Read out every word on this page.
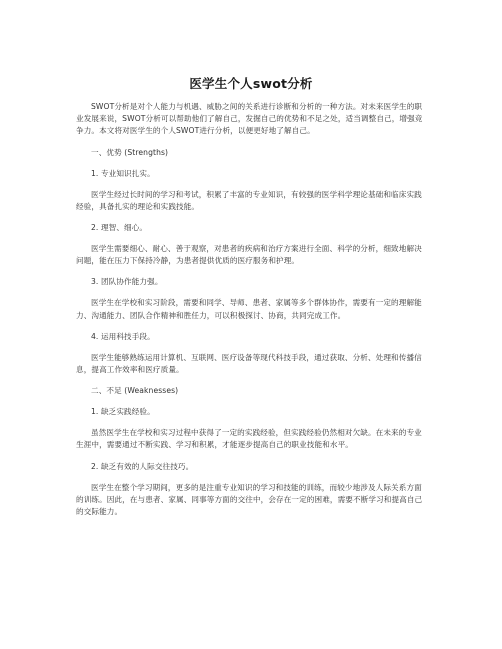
医学生个人swot分析
SWOT分析是对个人能力与机遇、威胁之间的关系进行诊断和分析的一种方法。对未来医学生的职业发展来说，SWOT分析可以帮助他们了解自己，发掘自己的优势和不足之处，适当调整自己，增强竞争力。本文将对医学生的个人SWOT进行分析，以便更好地了解自己。
一、优势 (Strengths)
1. 专业知识扎实。
医学生经过长时间的学习和考试，积累了丰富的专业知识，有较强的医学科学理论基础和临床实践经验，具备扎实的理论和实践技能。
2. 理智、细心。
医学生需要细心、耐心、善于观察，对患者的疾病和治疗方案进行全面、科学的分析，细致地解决问题，能在压力下保持冷静，为患者提供优质的医疗服务和护理。
3. 团队协作能力强。
医学生在学校和实习阶段，需要和同学、导师、患者、家属等多个群体协作，需要有一定的理解能力、沟通能力、团队合作精神和胜任力，可以积极探讨、协商，共同完成工作。
4. 运用科技手段。
医学生能够熟练运用计算机、互联网、医疗设备等现代科技手段，通过获取、分析、处理和传播信息，提高工作效率和医疗质量。
二、不足 (Weaknesses)
1. 缺乏实践经验。
虽然医学生在学校和实习过程中获得了一定的实践经验，但实践经验仍然相对欠缺。在未来的专业生涯中，需要通过不断实践、学习和积累，才能逐步提高自己的职业技能和水平。
2. 缺乏有效的人际交往技巧。
医学生在整个学习期间，更多的是注重专业知识的学习和技能的训练，而较少地涉及人际关系方面的训练。因此，在与患者、家属、同事等方面的交往中，会存在一定的困难，需要不断学习和提高自己的交际能力。
